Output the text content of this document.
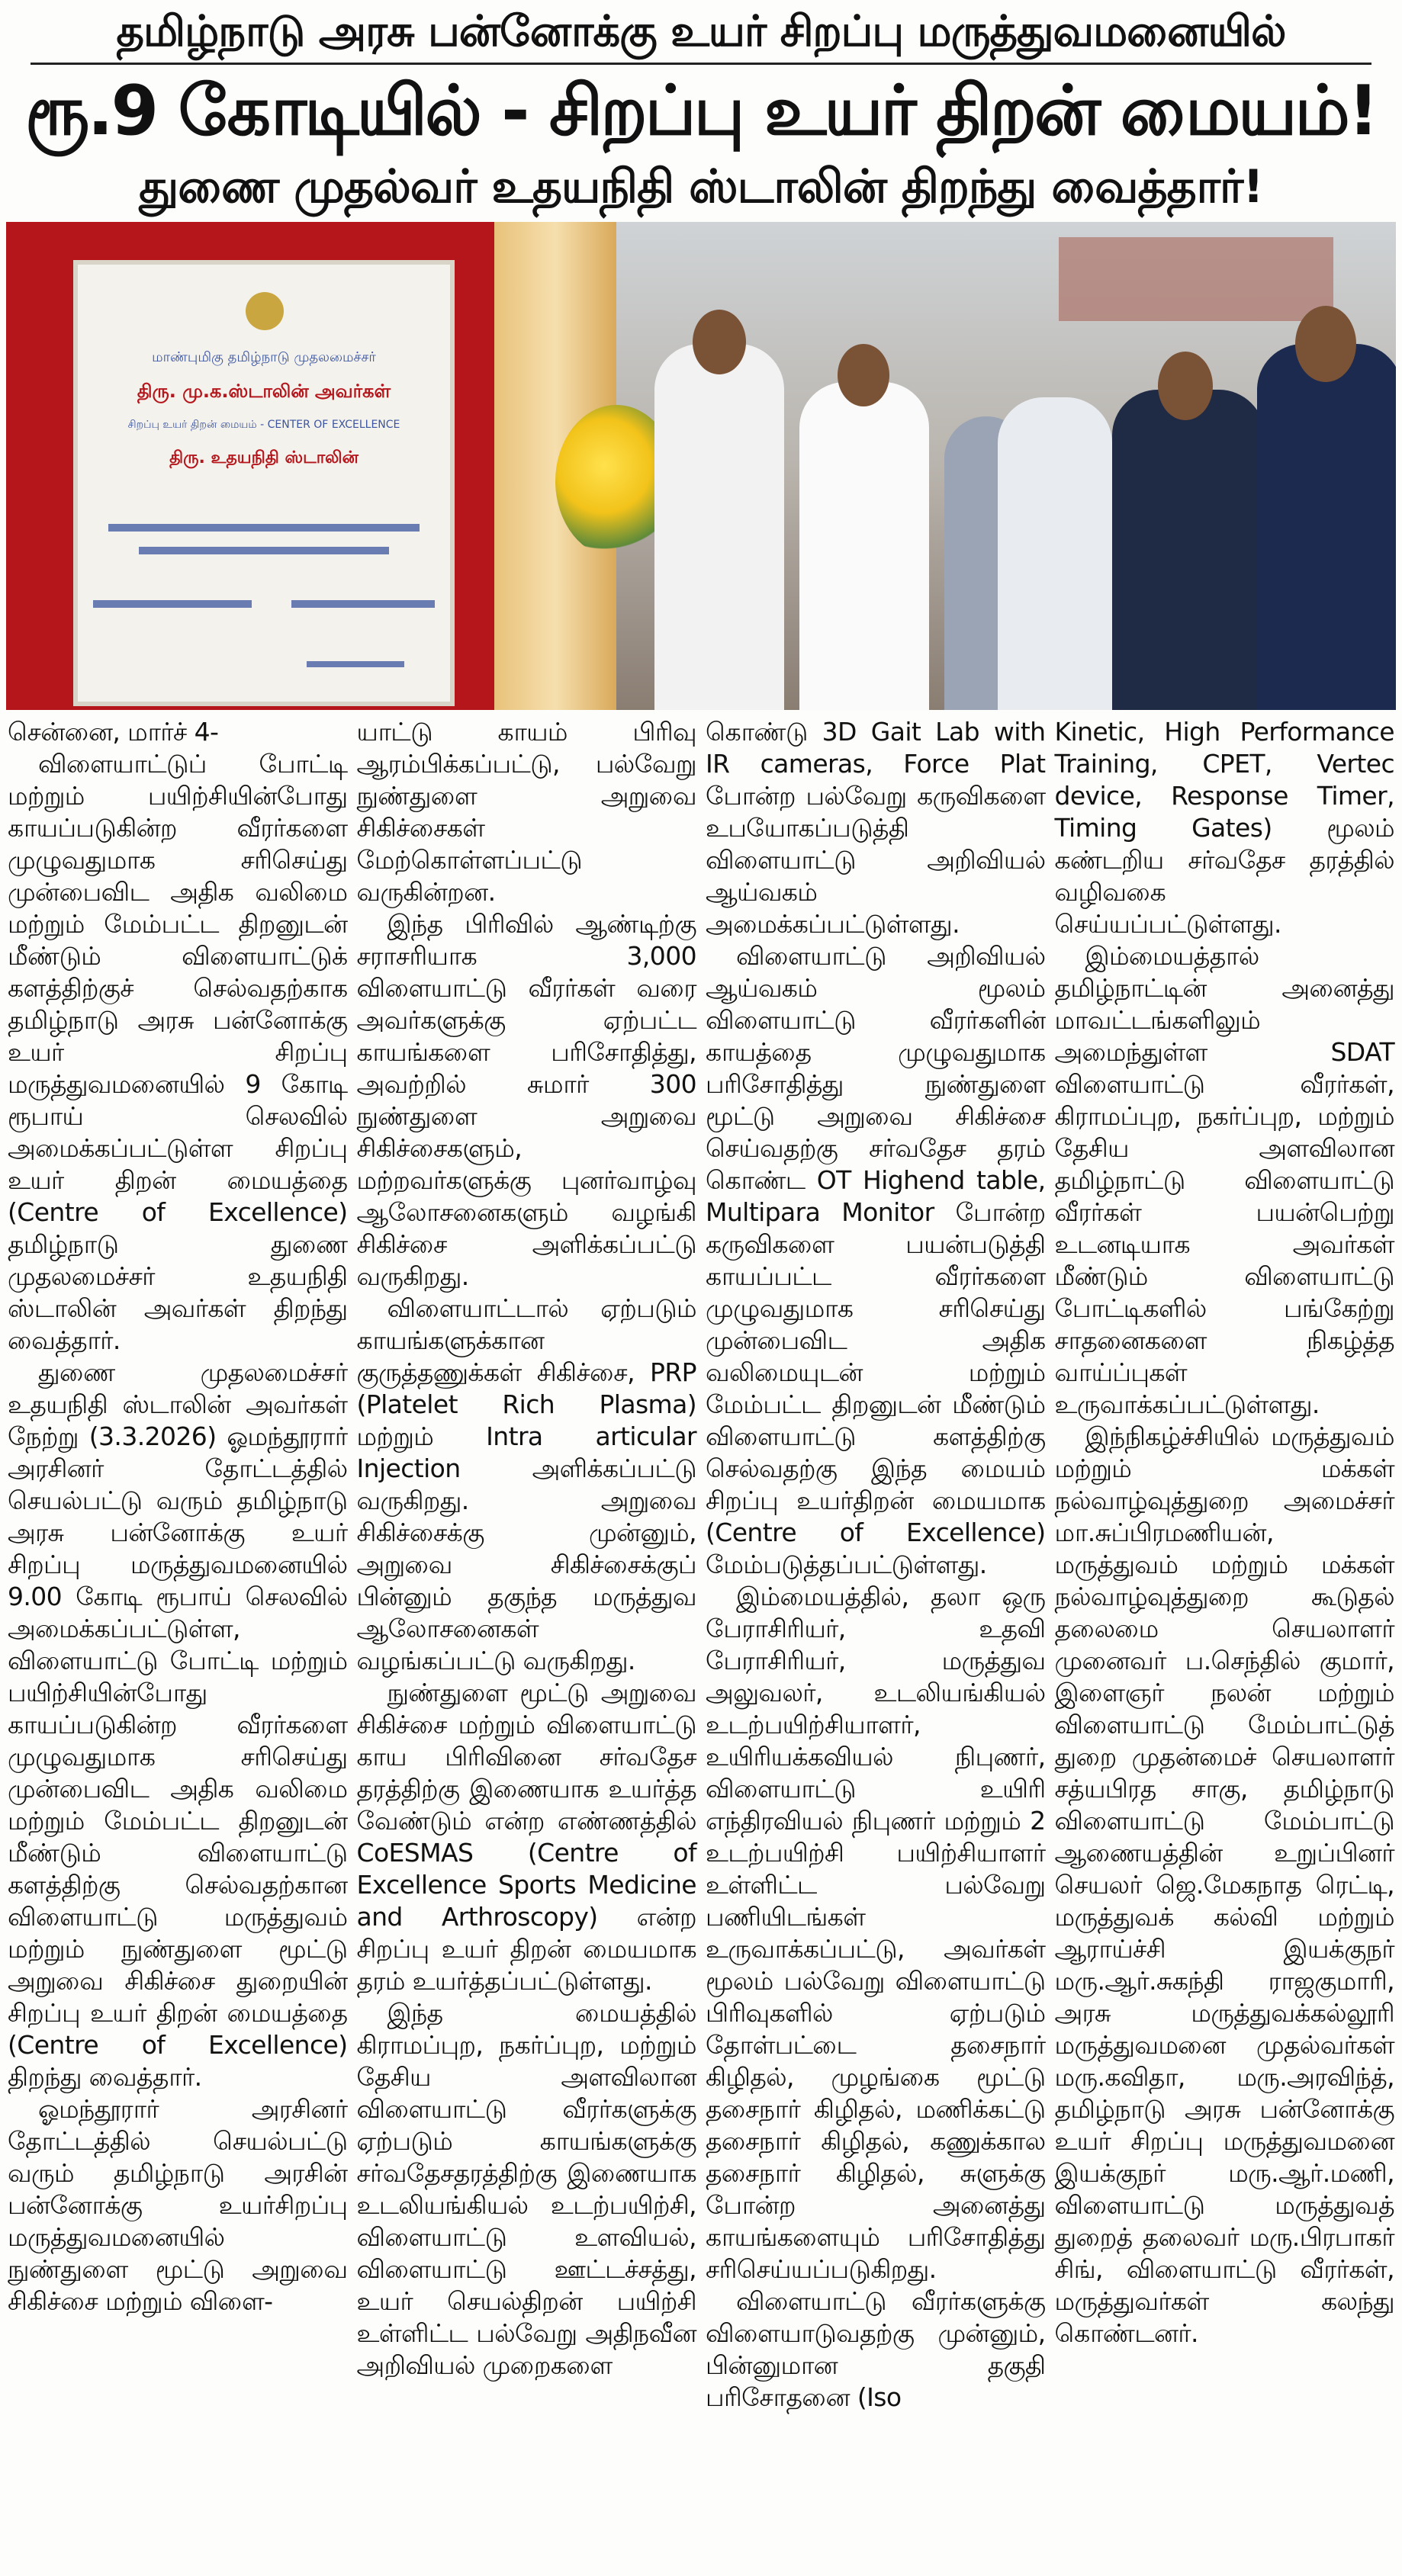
தமிழ்நாடு அரசு பன்னோக்கு உயர் சிறப்பு மருத்துவமனையில்
ரூ.9 கோடியில் - சிறப்பு உயர் திறன் மையம்!
துணை முதல்வர் உதயநிதி ஸ்டாலின் திறந்து வைத்தார்!
மாண்புமிகு தமிழ்நாடு முதலமைச்சர்
திரு. மு.க.ஸ்டாலின் அவர்கள்
சிறப்பு உயர் திறன் மையம் - CENTER OF EXCELLENCE
திரு. உதயநிதி ஸ்டாலின்

சென்னை, மார்ச் 4-

விளையாட்டுப் போட்டி மற்றும் பயிற்சியின்போது காயப்படுகின்ற வீரர்களை முழுவதுமாக சரிசெய்து முன்பைவிட அதிக வலிமை மற்றும் மேம்பட்ட திறனுடன் மீண்டும் விளையாட்டுக் களத்திற்குச் செல்வதற்காக தமிழ்நாடு அரசு பன்னோக்கு உயர் சிறப்பு மருத்துவமனையில் 9 கோடி ரூபாய் செலவில் அமைக்கப்பட்டுள்ள சிறப்பு உயர் திறன் மையத்தை (Centre of Excellence) தமிழ்நாடு துணை முதலமைச்சர் உதயநிதி ஸ்டாலின் அவர்கள் திறந்து வைத்தார்.

துணை முதலமைச்சர் உதயநிதி ஸ்டாலின் அவர்கள் நேற்று (3.3.2026) ஓமந்தூரார் அரசினர் தோட்டத்தில் செயல்பட்டு வரும் தமிழ்நாடு அரசு பன்னோக்கு உயர் சிறப்பு மருத்துவமனையில் 9.00 கோடி ரூபாய் செலவில் அமைக்கப்பட்டுள்ள, விளையாட்டு போட்டி மற்றும் பயிற்சியின்போது காயப்படுகின்ற வீரர்களை முழுவதுமாக சரிசெய்து முன்பைவிட அதிக வலிமை மற்றும் மேம்பட்ட திறனுடன் மீண்டும் விளையாட்டு களத்திற்கு செல்வதற்கான விளையாட்டு மருத்துவம் மற்றும் நுண்துளை மூட்டு அறுவை சிகிச்சை துறையின் சிறப்பு உயர் திறன் மையத்தை (Centre of Excellence) திறந்து வைத்தார்.

ஓமந்தூரார் அரசினர் தோட்டத்தில் செயல்பட்டு வரும் தமிழ்நாடு அரசின் பன்னோக்கு உயர்சிறப்பு மருத்துவமனையில் நுண்துளை மூட்டு அறுவை சிகிச்சை மற்றும் விளை-

யாட்டு காயம் பிரிவு ஆரம்பிக்கப்பட்டு, பல்வேறு நுண்துளை அறுவை சிகிச்சைகள் மேற்கொள்ளப்பட்டு வருகின்றன.

இந்த பிரிவில் ஆண்டிற்கு சராசரியாக 3,000 விளையாட்டு வீரர்கள் வரை அவர்களுக்கு ஏற்பட்ட காயங்களை பரிசோதித்து, அவற்றில் சுமார் 300 நுண்துளை அறுவை சிகிச்சைகளும், மற்றவர்களுக்கு புனர்வாழ்வு ஆலோசனைகளும் வழங்கி சிகிச்சை அளிக்கப்பட்டு வருகிறது.

விளையாட்டால் ஏற்படும் காயங்களுக்கான குருத்தணுக்கள் சிகிச்சை, PRP (Platelet Rich Plasma) மற்றும் Intra articular Injection அளிக்கப்பட்டு வருகிறது. அறுவை சிகிச்சைக்கு முன்னும், அறுவை சிகிச்சைக்குப் பின்னும் தகுந்த மருத்துவ ஆலோசனைகள் வழங்கப்பட்டு வருகிறது.

நுண்துளை மூட்டு அறுவை சிகிச்சை மற்றும் விளையாட்டு காய பிரிவினை சர்வதேச தரத்திற்கு இணையாக உயர்த்த வேண்டும் என்ற எண்ணத்தில் CoESMAS (Centre of Excellence Sports Medicine and Arthroscopy) என்ற சிறப்பு உயர் திறன் மையமாக தரம் உயர்த்தப்பட்டுள்ளது.

இந்த மையத்தில் கிராமப்புற, நகர்ப்புற, மற்றும் தேசிய அளவிலான விளையாட்டு வீரர்களுக்கு ஏற்படும் காயங்களுக்கு சர்வதேசதரத்திற்கு இணையாக உடலியங்கியல் உடற்பயிற்சி, விளையாட்டு உளவியல், விளையாட்டு ஊட்டச்சத்து, உயர் செயல்திறன் பயிற்சி உள்ளிட்ட பல்வேறு அதிநவீன அறிவியல் முறைகளை

கொண்டு 3D Gait Lab with IR cameras, Force Plat போன்ற பல்வேறு கருவிகளை உபயோகப்படுத்தி விளையாட்டு அறிவியல் ஆய்வகம் அமைக்கப்பட்டுள்ளது.

விளையாட்டு அறிவியல் ஆய்வகம் மூலம் விளையாட்டு வீரர்களின் காயத்தை முழுவதுமாக பரிசோதித்து நுண்துளை மூட்டு அறுவை சிகிச்சை செய்வதற்கு சர்வதேச தரம் கொண்ட OT Highend table, Multipara Monitor போன்ற கருவிகளை பயன்படுத்தி காயப்பட்ட வீரர்களை முழுவதுமாக சரிசெய்து முன்பைவிட அதிக வலிமையுடன் மற்றும் மேம்பட்ட திறனுடன் மீண்டும் விளையாட்டு களத்திற்கு செல்வதற்கு இந்த மையம் சிறப்பு உயர்திறன் மையமாக (Centre of Excellence) மேம்படுத்தப்பட்டுள்ளது.

இம்மையத்தில், தலா ஒரு பேராசிரியர், உதவி பேராசிரியர், மருத்துவ அலுவலர், உடலியங்கியல் உடற்பயிற்சியாளர், உயிரியக்கவியல் நிபுணர், விளையாட்டு உயிரி எந்திரவியல் நிபுணர் மற்றும் 2 உடற்பயிற்சி பயிற்சியாளர் உள்ளிட்ட பல்வேறு பணியிடங்கள் உருவாக்கப்பட்டு, அவர்கள் மூலம் பல்வேறு விளையாட்டு பிரிவுகளில் ஏற்படும் தோள்பட்டை தசைநார் கிழிதல், முழங்கை மூட்டு தசைநார் கிழிதல், மணிக்கட்டு தசைநார் கிழிதல், கணுக்கால தசைநார் கிழிதல், சுளுக்கு போன்ற அனைத்து காயங்களையும் பரிசோதித்து சரிசெய்யப்படுகிறது.

விளையாட்டு வீரர்களுக்கு விளையாடுவதற்கு முன்னும், பின்னுமான தகுதி பரிசோதனை (Iso

Kinetic, High Performance Training, CPET, Vertec device, Response Timer, Timing Gates) மூலம் கண்டறிய சர்வதேச தரத்தில் வழிவகை செய்யப்பட்டுள்ளது.

இம்மையத்தால் தமிழ்நாட்டின் அனைத்து மாவட்டங்களிலும் அமைந்துள்ள SDAT விளையாட்டு வீரர்கள், கிராமப்புற, நகர்ப்புற, மற்றும் தேசிய அளவிலான தமிழ்நாட்டு விளையாட்டு வீரர்கள் பயன்பெற்று உடனடியாக அவர்கள் மீண்டும் விளையாட்டு போட்டிகளில் பங்கேற்று சாதனைகளை நிகழ்த்த வாய்ப்புகள் உருவாக்கப்பட்டுள்ளது.

இந்நிகழ்ச்சியில் மருத்துவம் மற்றும் மக்கள் நல்வாழ்வுத்துறை அமைச்சர் மா.சுப்பிரமணியன், மருத்துவம் மற்றும் மக்கள் நல்வாழ்வுத்துறை கூடுதல் தலைமை செயலாளர் முனைவர் ப.செந்தில் குமார், இளைஞர் நலன் மற்றும் விளையாட்டு மேம்பாட்டுத் துறை முதன்மைச் செயலாளர் சத்யபிரத சாகு, தமிழ்நாடு விளையாட்டு மேம்பாட்டு ஆணையத்தின் உறுப்பினர் செயலர் ஜெ.மேகநாத ரெட்டி, மருத்துவக் கல்வி மற்றும் ஆராய்ச்சி இயக்குநர் மரு.ஆர்.சுகந்தி ராஜகுமாரி, அரசு மருத்துவக்கல்லூரி மருத்துவமனை முதல்வர்கள் மரு.கவிதா, மரு.அரவிந்த், தமிழ்நாடு அரசு பன்னோக்கு உயர் சிறப்பு மருத்துவமனை இயக்குநர் மரு.ஆர்.மணி, விளையாட்டு மருத்துவத் துறைத் தலைவர் மரு.பிரபாகர் சிங், விளையாட்டு வீரர்கள், மருத்துவர்கள் கலந்து கொண்டனர்.
